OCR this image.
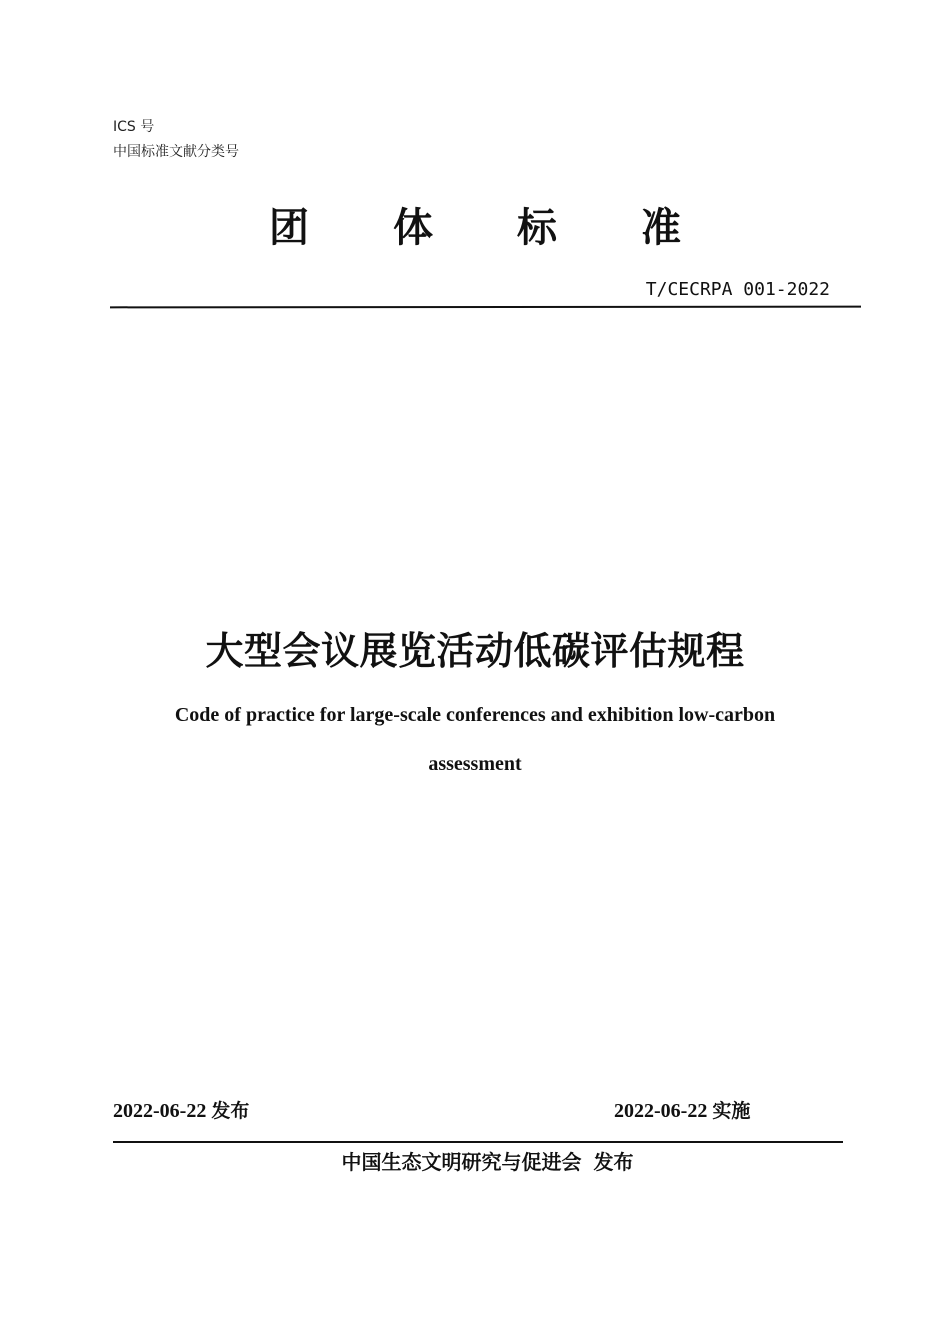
ICS 号
中国标准文献分类号
团 体 标 准
T/CECRPA 001-2022
大型会议展览活动低碳评估规程
Code of practice for large-scale conferences and exhibition low-carbon
assessment
2022-06-22 发布	2022-06-22 实施
中国生态文明研究与促进会 发布
